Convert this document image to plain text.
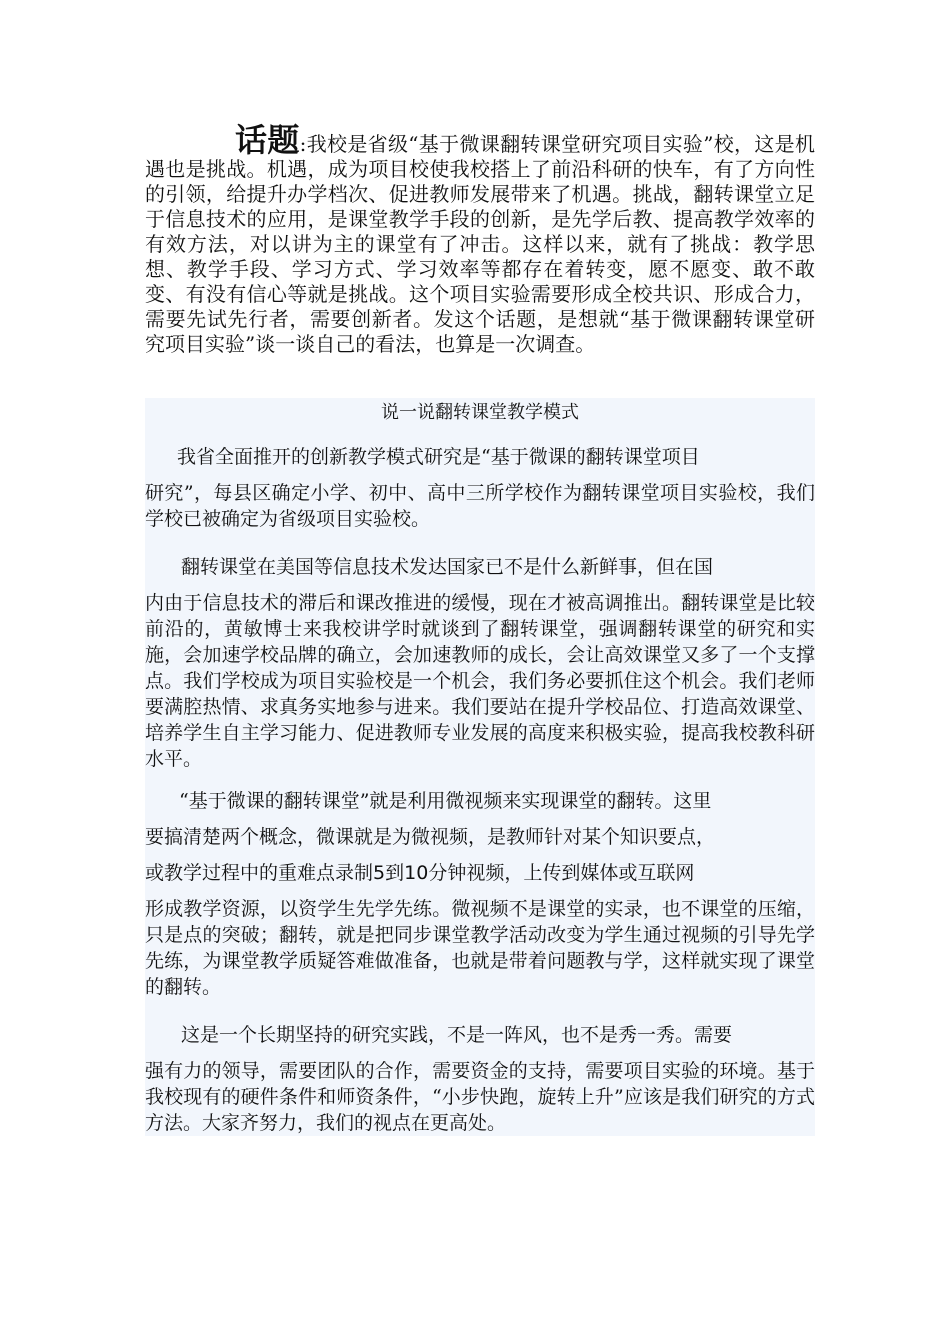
话题:我校是省级“基于微课翻转课堂研究项目实验”校，这是机遇也是挑战。机遇，成为项目校使我校搭上了前沿科研的快车，有了方向性的引领，给提升办学档次、促进教师发展带来了机遇。挑战，翻转课堂立足于信息技术的应用，是课堂教学手段的创新，是先学后教、提高教学效率的有效方法，对以讲为主的课堂有了冲击。这样以来，就有了挑战：教学思想、教学手段、学习方式、学习效率等都存在着转变，愿不愿变、敢不敢变、有没有信心等就是挑战。这个项目实验需要形成全校共识、形成合力，需要先试先行者，需要创新者。发这个话题，是想就“基于微课翻转课堂研究项目实验”谈一谈自己的看法，也算是一次调查。
说一说翻转课堂教学模式
我省全面推开的创新教学模式研究是“基于微课的翻转课堂项目
研究”，每县区确定小学、初中、高中三所学校作为翻转课堂项目实验校，我们学校已被确定为省级项目实验校。
翻转课堂在美国等信息技术发达国家已不是什么新鲜事，但在国
内由于信息技术的滞后和课改推进的缓慢，现在才被高调推出。翻转课堂是比较前沿的，黄敏博士来我校讲学时就谈到了翻转课堂，强调翻转课堂的研究和实施，会加速学校品牌的确立，会加速教师的成长，会让高效课堂又多了一个支撑点。我们学校成为项目实验校是一个机会，我们务必要抓住这个机会。我们老师要满腔热情、求真务实地参与进来。我们要站在提升学校品位、打造高效课堂、培养学生自主学习能力、促进教师专业发展的高度来积极实验，提高我校教科研水平。
“基于微课的翻转课堂”就是利用微视频来实现课堂的翻转。这里
要搞清楚两个概念，微课就是为微视频，是教师针对某个知识要点，
或教学过程中的重难点录制5到10分钟视频，上传到媒体或互联网
形成教学资源，以资学生先学先练。微视频不是课堂的实录，也不课堂的压缩，只是点的突破；翻转，就是把同步课堂教学活动改变为学生通过视频的引导先学先练，为课堂教学质疑答难做准备，也就是带着问题教与学，这样就实现了课堂的翻转。
这是一个长期坚持的研究实践，不是一阵风，也不是秀一秀。需要
强有力的领导，需要团队的合作，需要资金的支持，需要项目实验的环境。基于我校现有的硬件条件和师资条件，“小步快跑，旋转上升”应该是我们研究的方式方法。大家齐努力，我们的视点在更高处。
